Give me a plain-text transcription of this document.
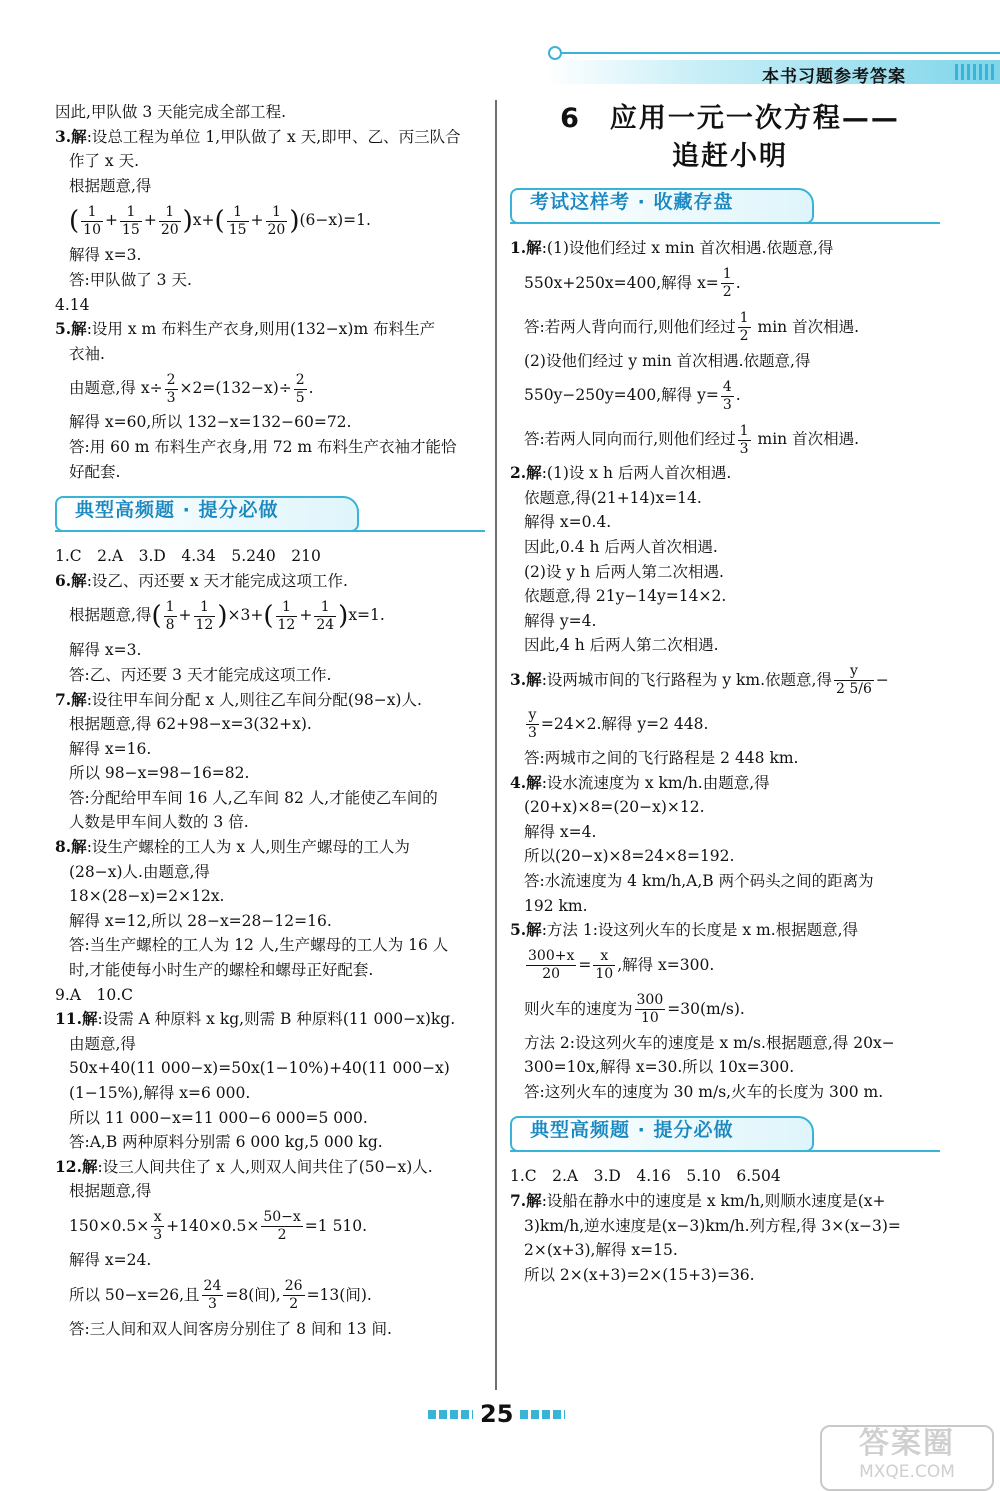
本书习题参考答案
因此,甲队做 3 天能完成全部工程.
3.解:设总工程为单位 1,甲队做了 x 天,即甲、乙、丙三队合
作了 x 天.
根据题意,得
( $\frac{1}{10} + \frac{1}{15} + \frac{1}{20} )x+( \frac{1}{15} + \frac{1}{20} )(6-x)=1$.
解得 x=3.
答:甲队做了 3 天.
4.14
5.解:设用 x m 布料生产衣身,则用(132−x)m 布料生产
衣袖.
由题意,得 $x\div \frac{2}{3} \times 2=(132-x)\div \frac{2}{5}$ .
解得 x=60,所以 132−x=132−60=72.
答:用 60 m 布料生产衣身,用 72 m 布料生产衣袖才能恰
好配套.
典型高频题 · 提分必做
1.C　2.A　3.D　4.34　5.240　210
6.解:设乙、丙还要 x 天才能完成这项工作.
根据题意,得( $\frac{1}{8} + \frac{1}{12} )\times 3+( \frac{1}{12} + \frac{1}{24} )x=1$.
解得 x=3.
答:乙、丙还要 3 天才能完成这项工作.
7.解:设往甲车间分配 x 人,则往乙车间分配(98−x)人.
根据题意,得 62+98−x=3(32+x).
解得 x=16.
所以 98−x=98−16=82.
答:分配给甲车间 16 人,乙车间 82 人,才能使乙车间的
人数是甲车间人数的 3 倍.
8.解:设生产螺栓的工人为 x 人,则生产螺母的工人为
(28−x)人.由题意,得
18×(28−x)=2×12x.
解得 x=12,所以 28−x=28−12=16.
答:当生产螺栓的工人为 12 人,生产螺母的工人为 16 人
时,才能使每小时生产的螺栓和螺母正好配套.
9.A　10.C
11.解:设需 A 种原料 x kg,则需 B 种原料(11 000−x)kg.
由题意,得
50x+40(11 000−x)=50x(1−10%)+40(11 000−x)
(1−15%),解得 x=6 000.
所以 11 000−x=11 000−6 000=5 000.
答:A,B 两种原料分别需 6 000 kg,5 000 kg.
12.解:设三人间共住了 x 人,则双人间共住了(50−x)人.
根据题意,得
$150\times 0.5\times \frac{x}{3} +140\times 0.5\times \frac{50-x}{2} =1$ 510.
解得 x=24.
所以 50−x=26,且 $\frac{24}{3} =8$(间), $\frac{26}{2} =13$(间).
答:三人间和双人间客房分别住了 8 间和 13 间.
6　 应用一元一次方程——
追赶小明
考试这样考 · 收藏存盘
1.解:(1)设他们经过 x min 首次相遇.依题意,得
550x+250x=400,解得 $x= \frac{1}{2}$ .
答:若两人背向而行,则他们经过 $\frac{1}{2}$ min 首次相遇.
(2)设他们经过 y min 首次相遇.依题意,得
550y−250y=400,解得 $y= \frac{4}{3}$ .
答:若两人同向而行,则他们经过 $\frac{1}{3}$ min 首次相遇.
2.解:(1)设 x h 后两人首次相遇.
依题意,得(21+14)x=14.
解得 x=0.4.
因此,0.4 h 后两人首次相遇.
(2)设 y h 后两人第二次相遇.
依题意,得 21y−14y=14×2.
解得 y=4.
因此,4 h 后两人第二次相遇.
3.解:设两城市间的飞行路程为 y km.依题意,得 $\frac{y}{2 5/6}$ −
$\frac{y}{3} =24\times 2$.解得 y=2 448.
答:两城市之间的飞行路程是 2 448 km.
4.解:设水流速度为 x km/h.由题意,得
(20+x)×8=(20−x)×12.
解得 x=4.
所以(20−x)×8=24×8=192.
答:水流速度为 4 km/h,A,B 两个码头之间的距离为
192 km.
5.解:方法 1:设这列火车的长度是 x m.根据题意,得
$\frac{300+x}{20} = \frac{x}{10}$ ,解得 x=300.
则火车的速度为 $\frac{300}{10} =30(m/s)$.
方法 2:设这列火车的速度是 x m/s.根据题意,得 20x−
300=10x,解得 x=30.所以 10x=300.
答:这列火车的速度为 30 m/s,火车的长度为 300 m.
典型高频题 · 提分必做
1.C　2.A　3.D　4.16　5.10　6.504
7.解:设船在静水中的速度是 x km/h,则顺水速度是(x+
3)km/h,逆水速度是(x−3)km/h.列方程,得 3×(x−3)=
2×(x+3),解得 x=15.
所以 2×(x+3)=2×(15+3)=36.
25
答案圈
MXQE.COM
